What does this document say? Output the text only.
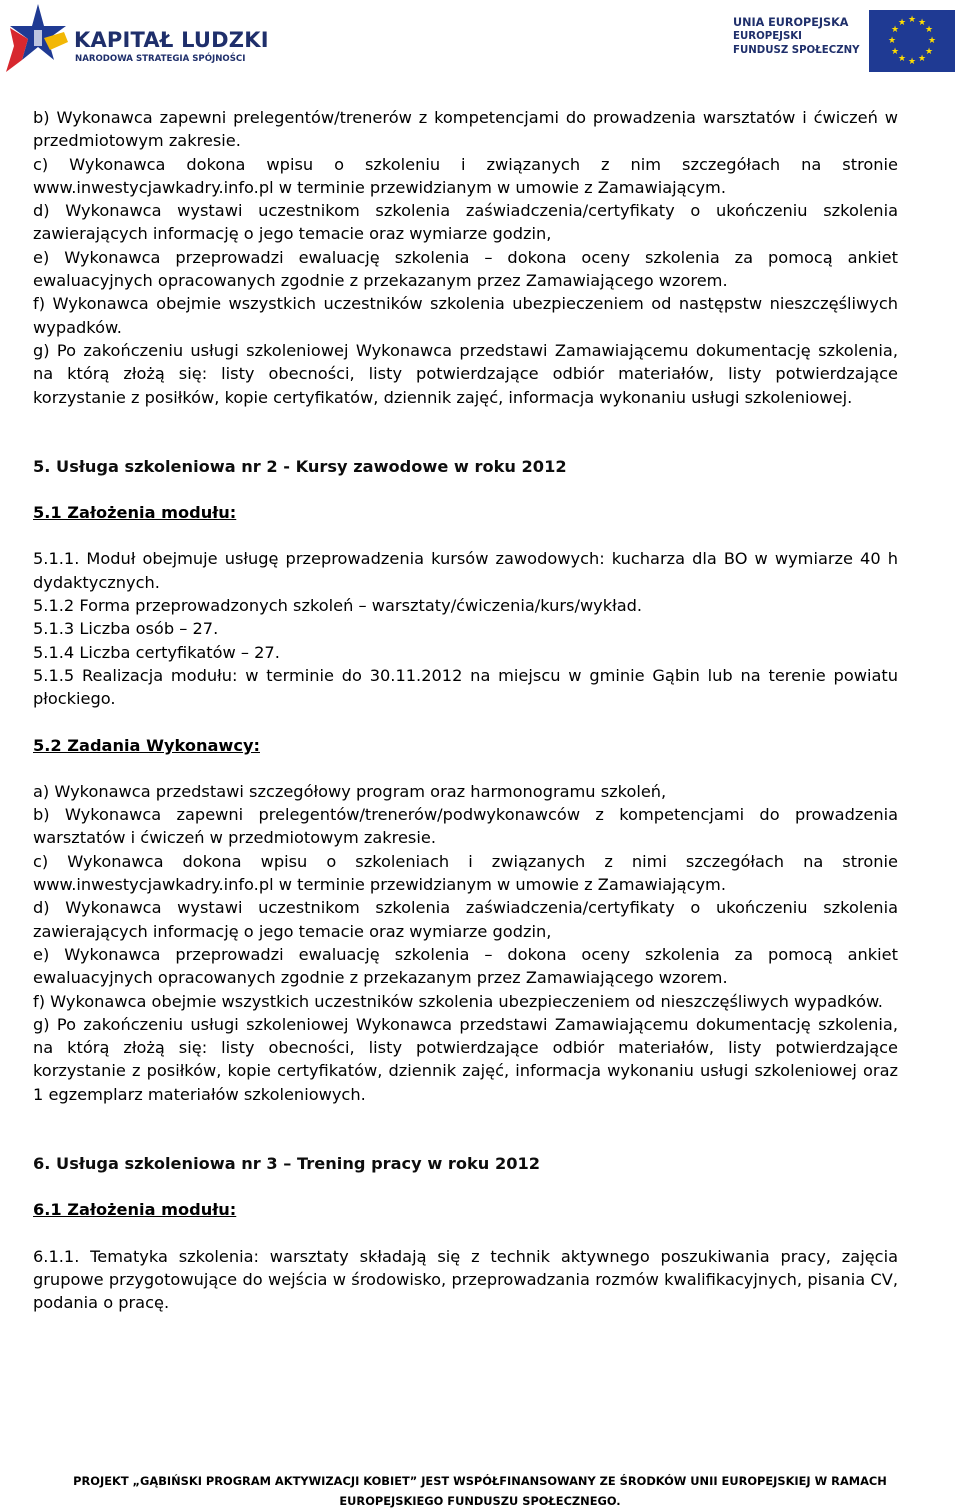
KAPITAŁ LUDZKI
NARODOWA STRATEGIA SPÓJNOŚCI
UNIA EUROPEJSKA
EUROPEJSKI
FUNDUSZ SPOŁECZNY
★ ★
★
★
★
★
★
★
★
★
★
★

b) Wykonawca zapewni prelegentów/trenerów z kompetencjami do prowadzenia warsztatów i ćwiczeń w przedmiotowym zakresie.

c) Wykonawca dokona wpisu o szkoleniu i związanych z nim szczegółach na stronie www.inwestycjawkadry.info.pl w terminie przewidzianym w umowie z Zamawiającym.

d) Wykonawca wystawi uczestnikom szkolenia zaświadczenia/certyfikaty o ukończeniu szkolenia zawierających informację o jego temacie oraz wymiarze godzin,

e) Wykonawca przeprowadzi ewaluację szkolenia – dokona oceny szkolenia za pomocą ankiet ewaluacyjnych opracowanych zgodnie z przekazanym przez Zamawiającego wzorem.

f) Wykonawca obejmie wszystkich uczestników szkolenia ubezpieczeniem od następstw nieszczęśliwych wypadków.

g) Po zakończeniu usługi szkoleniowej Wykonawca przedstawi Zamawiającemu dokumentację szkolenia, na którą złożą się: listy obecności, listy potwierdzające odbiór materiałów, listy potwierdzające korzystanie z posiłków, kopie certyfikatów, dziennik zajęć, informacja wykonaniu usługi szkoleniowej.

5. Usługa szkoleniowa nr 2 - Kursy zawodowe w roku 2012

5.1 Założenia modułu:

5.1.1. Moduł obejmuje usługę przeprowadzenia kursów zawodowych: kucharza dla BO w wymiarze 40 h dydaktycznych.

5.1.2 Forma przeprowadzonych szkoleń – warsztaty/ćwiczenia/kurs/wykład.

5.1.3 Liczba osób – 27.

5.1.4 Liczba certyfikatów – 27.

5.1.5 Realizacja modułu: w terminie do 30.11.2012 na miejscu w gminie Gąbin lub na terenie powiatu płockiego.

5.2 Zadania Wykonawcy:

a) Wykonawca przedstawi szczegółowy program oraz harmonogramu szkoleń,

b) Wykonawca zapewni prelegentów/trenerów/podwykonawców z kompetencjami do prowadzenia warsztatów i ćwiczeń w przedmiotowym zakresie.

c) Wykonawca dokona wpisu o szkoleniach i związanych z nimi szczegółach na stronie www.inwestycjawkadry.info.pl w terminie przewidzianym w umowie z Zamawiającym.

d) Wykonawca wystawi uczestnikom szkolenia zaświadczenia/certyfikaty o ukończeniu szkolenia zawierających informację o jego temacie oraz wymiarze godzin,

e) Wykonawca przeprowadzi ewaluację szkolenia – dokona oceny szkolenia za pomocą ankiet ewaluacyjnych opracowanych zgodnie z przekazanym przez Zamawiającego wzorem.

f) Wykonawca obejmie wszystkich uczestników szkolenia ubezpieczeniem od nieszczęśliwych wypadków.

g) Po zakończeniu usługi szkoleniowej Wykonawca przedstawi Zamawiającemu dokumentację szkolenia, na którą złożą się: listy obecności, listy potwierdzające odbiór materiałów, listy potwierdzające korzystanie z posiłków, kopie certyfikatów, dziennik zajęć, informacja wykonaniu usługi szkoleniowej oraz 1 egzemplarz materiałów szkoleniowych.

6. Usługa szkoleniowa nr 3 – Trening pracy w roku 2012

6.1 Założenia modułu:

6.1.1. Tematyka szkolenia: warsztaty składają się z technik aktywnego poszukiwania pracy, zajęcia grupowe przygotowujące do wejścia w środowisko, przeprowadzania rozmów kwalifikacyjnych, pisania CV, podania o pracę.

PROJEKT „GĄBIŃSKI PROGRAM AKTYWIZACJI KOBIET” JEST WSPÓŁFINANSOWANY ZE ŚRODKÓW UNII EUROPEJSKIEJ W RAMACH
EUROPEJSKIEGO FUNDUSZU SPOŁECZNEGO.
